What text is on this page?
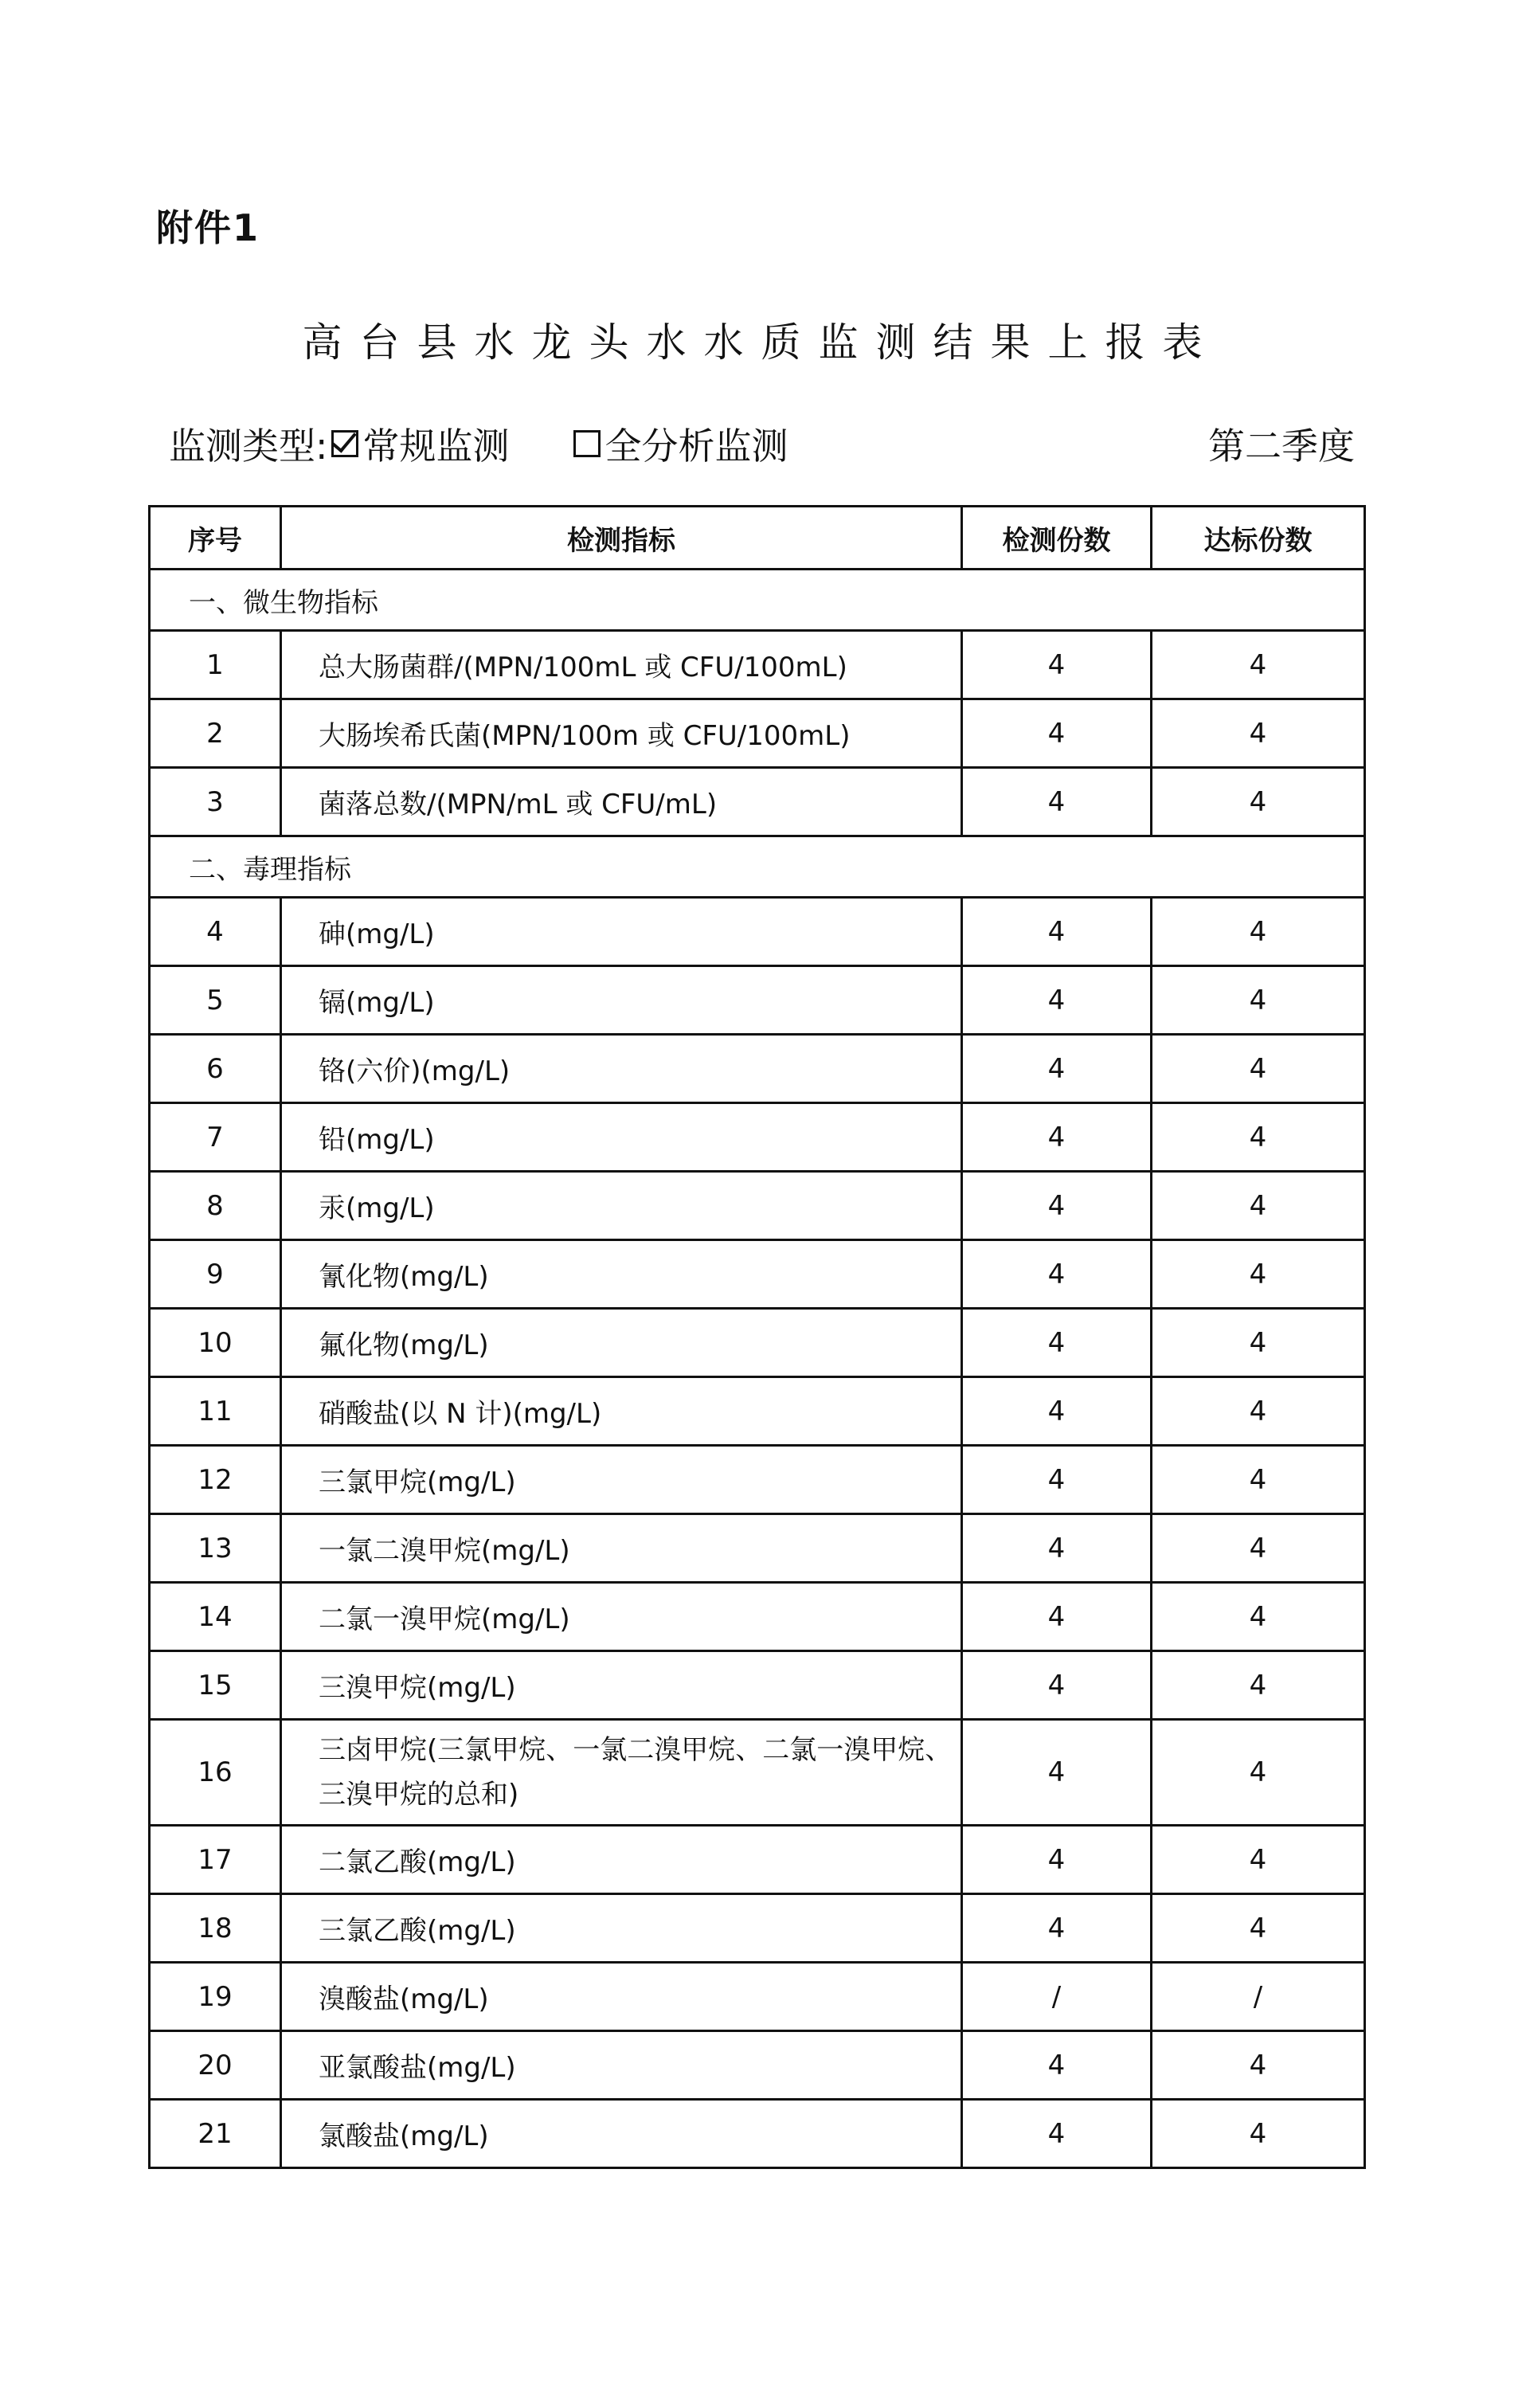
附件1
高台县水龙头水水质监测结果上报表
监测类型: 常规监测	全分析监测	第二季度
序号	检测指标	检测份数	达标份数
一、微生物指标			
1	总大肠菌群/(MPN/100mL 或 CFU/100mL)	4	4
2	大肠埃希氏菌(MPN/100m 或 CFU/100mL)	4	4
3	菌落总数/(MPN/mL 或 CFU/mL)	4	4
二、毒理指标			
4	砷(mg/L)	4	4
5	镉(mg/L)	4	4
6	铬(六价)(mg/L)	4	4
7	铅(mg/L)	4	4
8	汞(mg/L)	4	4
9	氰化物(mg/L)	4	4
10	氟化物(mg/L)	4	4
11	硝酸盐(以 N 计)(mg/L)	4	4
12	三氯甲烷(mg/L)	4	4
13	一氯二溴甲烷(mg/L)	4	4
14	二氯一溴甲烷(mg/L)	4	4
15	三溴甲烷(mg/L)	4	4
16	三卤甲烷(三氯甲烷、一氯二溴甲烷、二氯一溴甲烷、三溴甲烷的总和)	4	4
17	二氯乙酸(mg/L)	4	4
18	三氯乙酸(mg/L)	4	4
19	溴酸盐(mg/L)	/	/
20	亚氯酸盐(mg/L)	4	4
21	氯酸盐(mg/L)	4	4
